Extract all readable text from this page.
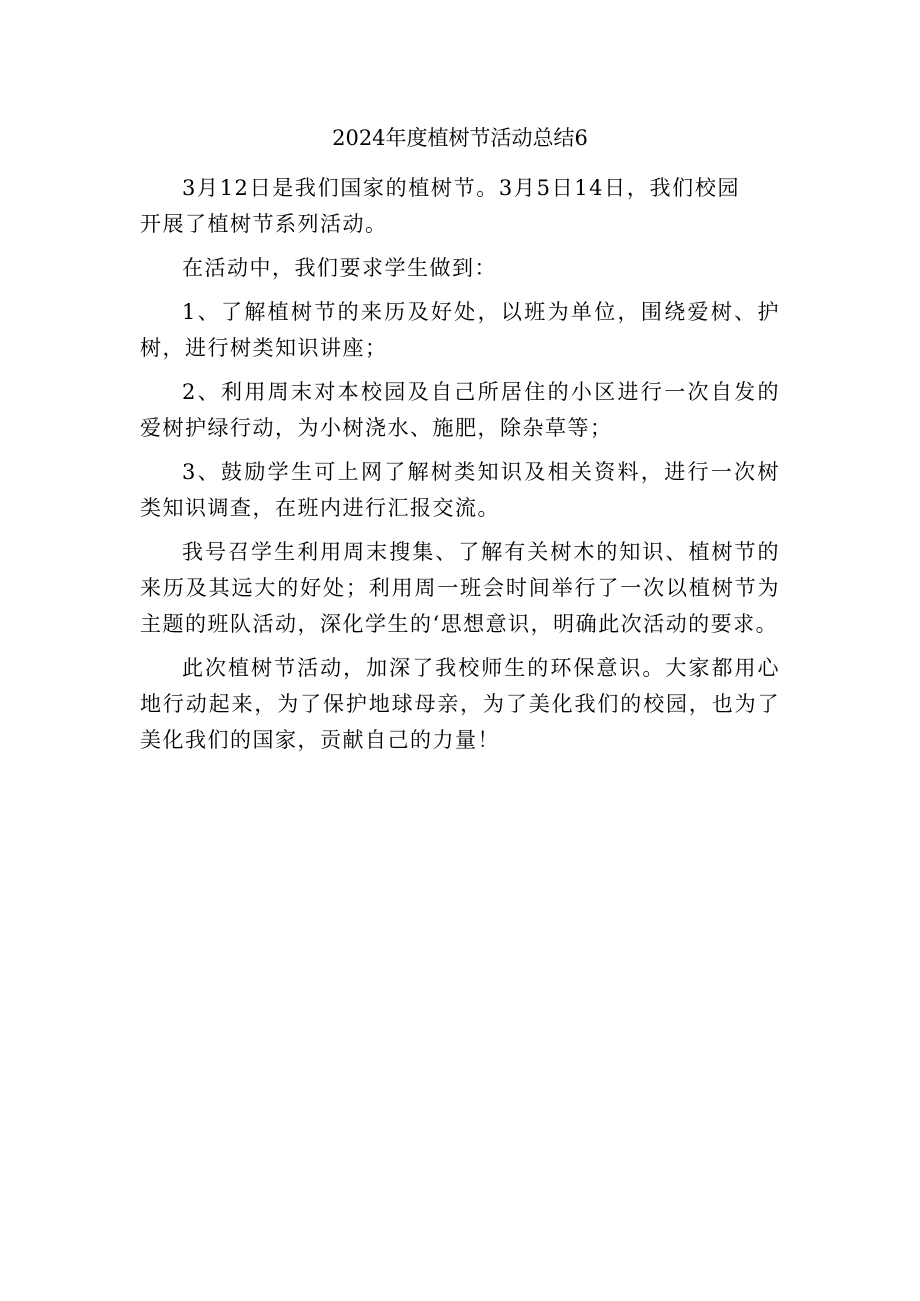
2024年度植树节活动总结6

3月12日是我们国家的植树节。3月5日14日，我们校园开展了植树节系列活动。

在活动中，我们要求学生做到：

1、了解植树节的来历及好处，以班为单位，围绕爱树、护树，进行树类知识讲座；

2、利用周末对本校园及自己所居住的小区进行一次自发的爱树护绿行动，为小树浇水、施肥，除杂草等；

3、鼓励学生可上网了解树类知识及相关资料，进行一次树类知识调查，在班内进行汇报交流。

我号召学生利用周末搜集、了解有关树木的知识、植树节的来历及其远大的好处；利用周一班会时间举行了一次以植树节为主题的班队活动，深化学生的‘思想意识，明确此次活动的要求。

此次植树节活动，加深了我校师生的环保意识。大家都用心地行动起来，为了保护地球母亲，为了美化我们的校园，也为了美化我们的国家，贡献自己的力量！
